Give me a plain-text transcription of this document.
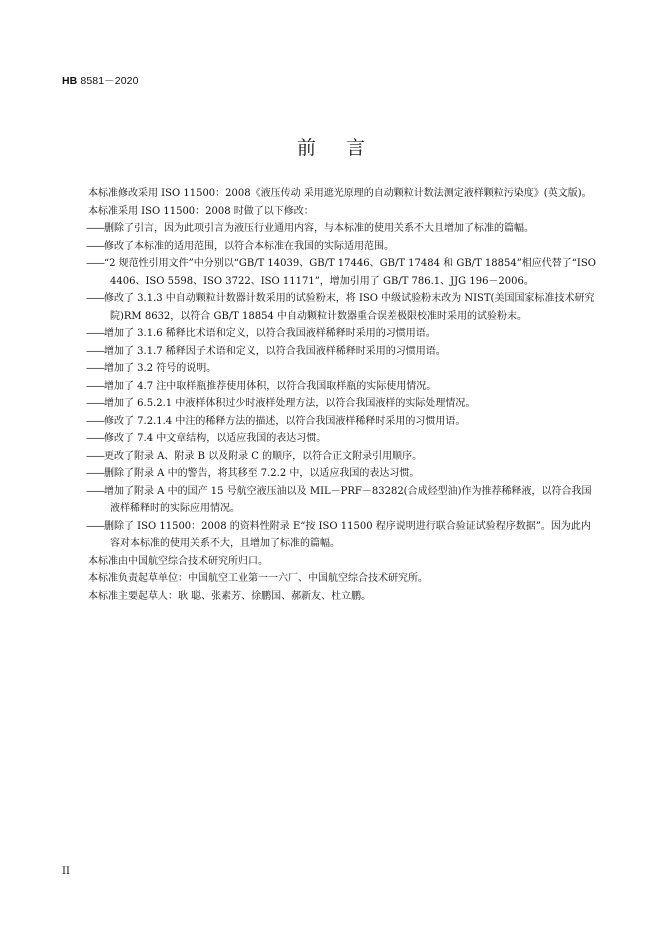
HB 8581－2020
前言

本标准修改采用 ISO 11500：2008《液压传动 采用遮光原理的自动颗粒计数法测定液样颗粒污染度》(英文版)。

本标准采用 ISO 11500：2008 时做了以下修改：

——删除了引言，因为此项引言为液压行业通用内容，与本标准的使用关系不大且增加了标准的篇幅。

——修改了本标准的适用范围，以符合本标准在我国的实际适用范围。

——“2 规范性引用文件”中分别以“GB/T 14039、GB/T 17446、GB/T 17484 和 GB/T 18854”相应代替了“ISO 4406、ISO 5598、ISO 3722、ISO 11171”，增加引用了 GB/T 786.1、JJG 196－2006。

——修改了 3.1.3 中自动颗粒计数器计数采用的试验粉末，将 ISO 中级试验粉末改为 NIST(美国国家标准技术研究院)RM 8632，以符合 GB/T 18854 中自动颗粒计数器重合误差极限校准时采用的试验粉末。

——增加了 3.1.6 稀释比术语和定义，以符合我国液样稀释时采用的习惯用语。

——增加了 3.1.7 稀释因子术语和定义，以符合我国液样稀释时采用的习惯用语。

——增加了 3.2 符号的说明。

——增加了 4.7 注中取样瓶推荐使用体积，以符合我国取样瓶的实际使用情况。

——增加了 6.5.2.1 中液样体积过少时液样处理方法，以符合我国液样的实际处理情况。

——修改了 7.2.1.4 中注的稀释方法的描述，以符合我国液样稀释时采用的习惯用语。

——修改了 7.4 中文章结构，以适应我国的表达习惯。

——更改了附录 A、附录 B 以及附录 C 的顺序，以符合正文附录引用顺序。

——删除了附录 A 中的警告，将其移至 7.2.2 中，以适应我国的表达习惯。

——增加了附录 A 中的国产 15 号航空液压油以及 MIL－PRF－83282(合成烃型油)作为推荐稀释液，以符合我国液样稀释时的实际应用情况。

——删除了 ISO 11500：2008 的资料性附录 E“按 ISO 11500 程序说明进行联合验证试验程序数据”。因为此内容对本标准的使用关系不大，且增加了标准的篇幅。

本标准由中国航空综合技术研究所归口。

本标准负责起草单位：中国航空工业第一一六厂、中国航空综合技术研究所。

本标准主要起草人：耿 聪、张素芳、徐鹏国、郝新友、杜立鹏。

II
